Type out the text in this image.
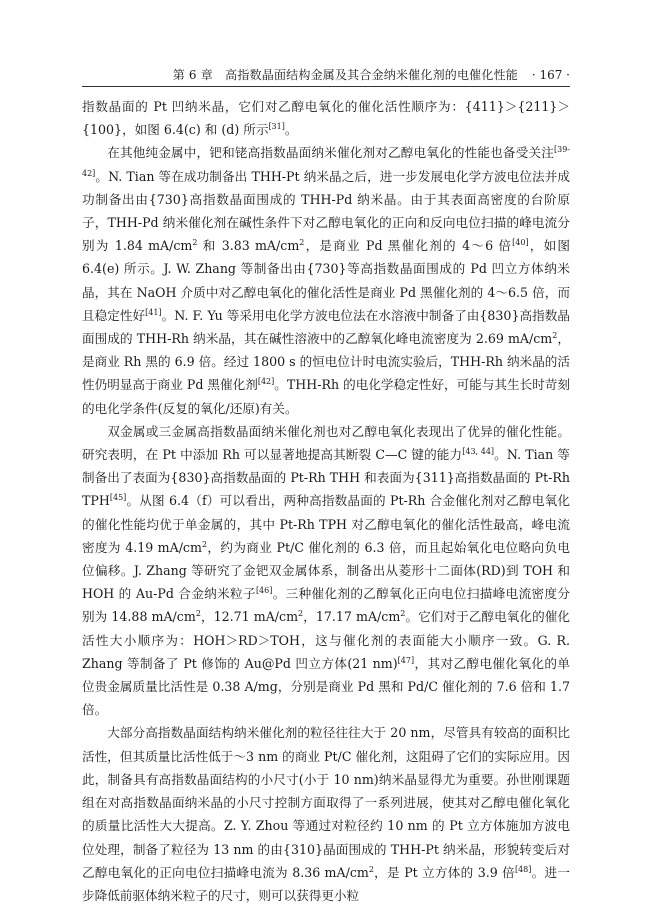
第 6 章　高指数晶面结构金属及其合金纳米催化剂的电催化性能 · 167 ·

指数晶面的 Pt 凹纳米晶，它们对乙醇电氧化的催化活性顺序为：{411}＞{211}＞{100}，如图 6.4(c) 和 (d) 所示[31]。

在其他纯金属中，钯和铑高指数晶面纳米催化剂对乙醇电氧化的性能也备受关注[39-42]。N. Tian 等在成功制备出 THH-Pt 纳米晶之后，进一步发展电化学方波电位法并成功制备出由{730}高指数晶面围成的 THH-Pd 纳米晶。由于其表面高密度的台阶原子，THH-Pd 纳米催化剂在碱性条件下对乙醇电氧化的正向和反向电位扫描的峰电流分别为 1.84 $mA/cm^2$ 和 3.83 $mA/cm^2$，是商业 Pd 黑催化剂的 4～6 倍[40]，如图 6.4(e) 所示。J. W. Zhang 等制备出由{730}等高指数晶面围成的 Pd 凹立方体纳米晶，其在 NaOH 介质中对乙醇电氧化的催化活性是商业 Pd 黑催化剂的 4～6.5 倍，而且稳定性好[41]。N. F. Yu 等采用电化学方波电位法在水溶液中制备了由{830}高指数晶面围成的 THH-Rh 纳米晶，其在碱性溶液中的乙醇氧化峰电流密度为 2.69 $mA/cm^2$，是商业 Rh 黑的 6.9 倍。经过 1800 s 的恒电位计时电流实验后，THH-Rh 纳米晶的活性仍明显高于商业 Pd 黑催化剂[42]。THH-Rh 的电化学稳定性好，可能与其生长时苛刻的电化学条件(反复的氧化/还原)有关。

双金属或三金属高指数晶面纳米催化剂也对乙醇电氧化表现出了优异的催化性能。研究表明，在 Pt 中添加 Rh 可以显著地提高其断裂 C—C 键的能力[43, 44]。N. Tian 等制备出了表面为{830}高指数晶面的 Pt-Rh THH 和表面为{311}高指数晶面的 Pt-Rh TPH[45]。从图 6.4（f）可以看出，两种高指数晶面的 Pt-Rh 合金催化剂对乙醇电氧化的催化性能均优于单金属的，其中 Pt-Rh TPH 对乙醇电氧化的催化活性最高，峰电流密度为 4.19 $mA/cm^2$，约为商业 Pt/C 催化剂的 6.3 倍，而且起始氧化电位略向负电位偏移。J. Zhang 等研究了金钯双金属体系，制备出从菱形十二面体(RD)到 TOH 和 HOH 的 Au-Pd 合金纳米粒子[46]。三种催化剂的乙醇氧化正向电位扫描峰电流密度分别为 14.88 $mA/cm^2$，12.71 $mA/cm^2$，17.17 $mA/cm^2$。它们对于乙醇电氧化的催化活性大小顺序为：HOH＞RD＞TOH，这与催化剂的表面能大小顺序一致。G. R. Zhang 等制备了 Pt 修饰的 Au@Pd 凹立方体(21 nm)[47]，其对乙醇电催化氧化的单位贵金属质量比活性是 0.38 A/mg，分别是商业 Pd 黑和 Pd/C 催化剂的 7.6 倍和 1.7 倍。

大部分高指数晶面结构纳米催化剂的粒径往往大于 20 nm，尽管具有较高的面积比活性，但其质量比活性低于～3 nm 的商业 Pt/C 催化剂，这阻碍了它们的实际应用。因此，制备具有高指数晶面结构的小尺寸(小于 10 nm)纳米晶显得尤为重要。孙世刚课题组在对高指数晶面纳米晶的小尺寸控制方面取得了一系列进展，使其对乙醇电催化氧化的质量比活性大大提高。Z. Y. Zhou 等通过对粒径约 10 nm 的 Pt 立方体施加方波电位处理，制备了粒径为 13 nm 的由{310}晶面围成的 THH-Pt 纳米晶，形貌转变后对乙醇电氧化的正向电位扫描峰电流为 8.36 $mA/cm^2$，是 Pt 立方体的 3.9 倍[48]。进一步降低前驱体纳米粒子的尺寸，则可以获得更小粒
